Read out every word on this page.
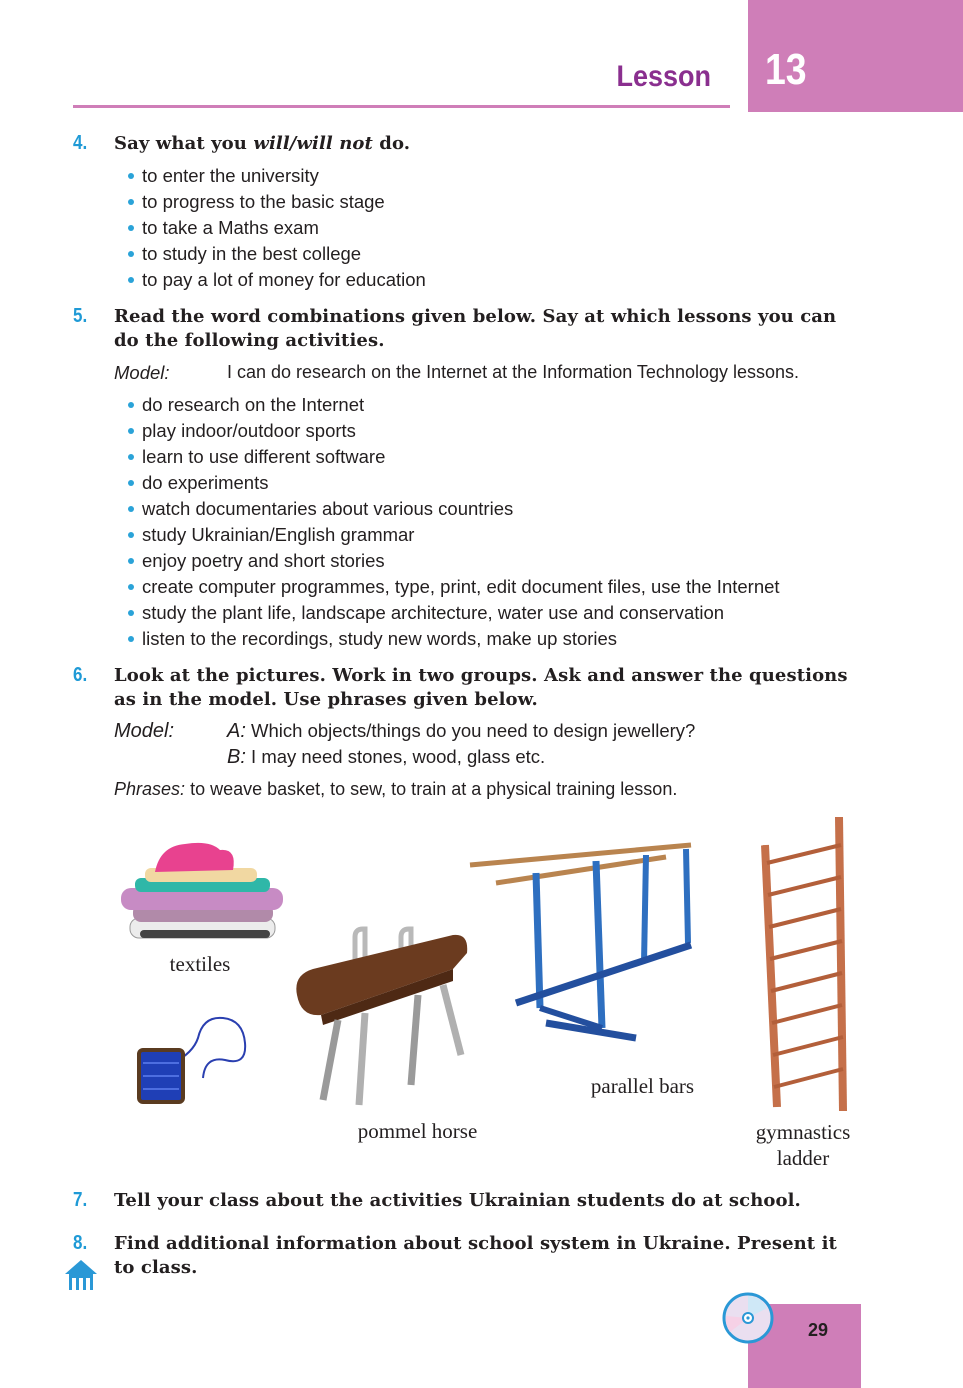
13
Lesson
4. Say what you will/will not do.
to enter the university
to progress to the basic stage
to take a Maths exam
to study in the best college
to pay a lot of money for education
5. Read the word combinations given below. Say at which lessons you can do the following activities.
Model:	I can do research on the Internet at the Information Technology lessons.
do research on the Internet
play indoor/outdoor sports
learn to use different software
do experiments
watch documentaries about various countries
study Ukrainian/English grammar
enjoy poetry and short stories
create computer programmes, type, print, edit document files, use the Internet
study the plant life, landscape architecture, water use and conservation
listen to the recordings, study new words, make up stories
6. Look at the pictures. Work in two groups. Ask and answer the questions as in the model. Use phrases given below.
Model:	A: Which objects/things do you need to design jewellery?
B: I may need stones, wood, glass etc.
Phrases: to weave basket, to sew, to train at a physical training lesson.
textiles
pommel horse
parallel bars
gymnastics
ladder
7. Tell your class about the activities Ukrainian students do at school.
8. Find additional information about school system in Ukraine. Present it to class.
29
